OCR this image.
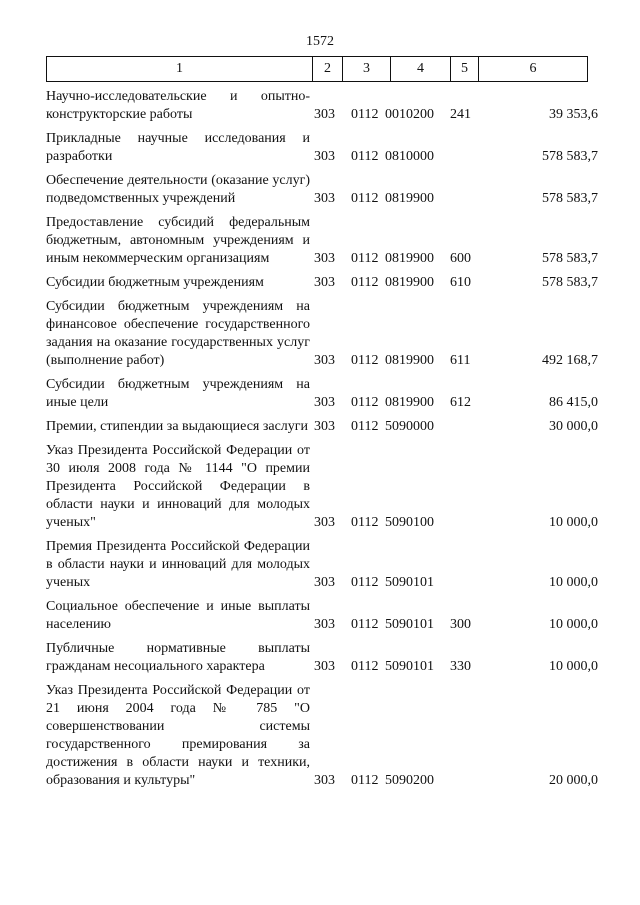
1572
1	2	3	4	5	6
Научно-исследовательские и опытно-конструкторские работы	303 0112 0010200 241	39 353,6
Прикладные научные исследования и разработки	303 0112 0810000	578 583,7
Обеспечение деятельности (оказание услуг) подведомственных учреждений	303 0112 0819900	578 583,7
Предоставление субсидий федеральным бюджетным, автономным учреждениям и иным некоммерческим организациям	303 0112 0819900 600	578 583,7
Субсидии бюджетным учреждениям	303 0112 0819900 610	578 583,7
Субсидии бюджетным учреждениям на финансовое обеспечение государственного задания на оказание государственных услуг (выполнение работ)	303 0112 0819900 611	492 168,7
Субсидии бюджетным учреждениям на иные цели	303 0112 0819900 612	86 415,0
Премии, стипендии за выдающиеся заслуги 303 0112 5090000	30 000,0
Указ Президента Российской Федерации от 30 июля 2008 года № 1144 "О премии Президента Российской Федерации в области науки и инноваций для молодых ученых"	303 0112 5090100	10 000,0
Премия Президента Российской Федерации в области науки и инноваций для молодых ученых	303 0112 5090101	10 000,0
Социальное обеспечение и иные выплаты населению	303 0112 5090101 300	10 000,0
Публичные нормативные выплаты гражданам несоциального характера	303 0112 5090101 330	10 000,0
Указ Президента Российской Федерации от 21 июня 2004 года № 785 "О совершенствовании системы государственного премирования за достижения в области науки и техники, образования и культуры"	303 0112 5090200	20 000,0
